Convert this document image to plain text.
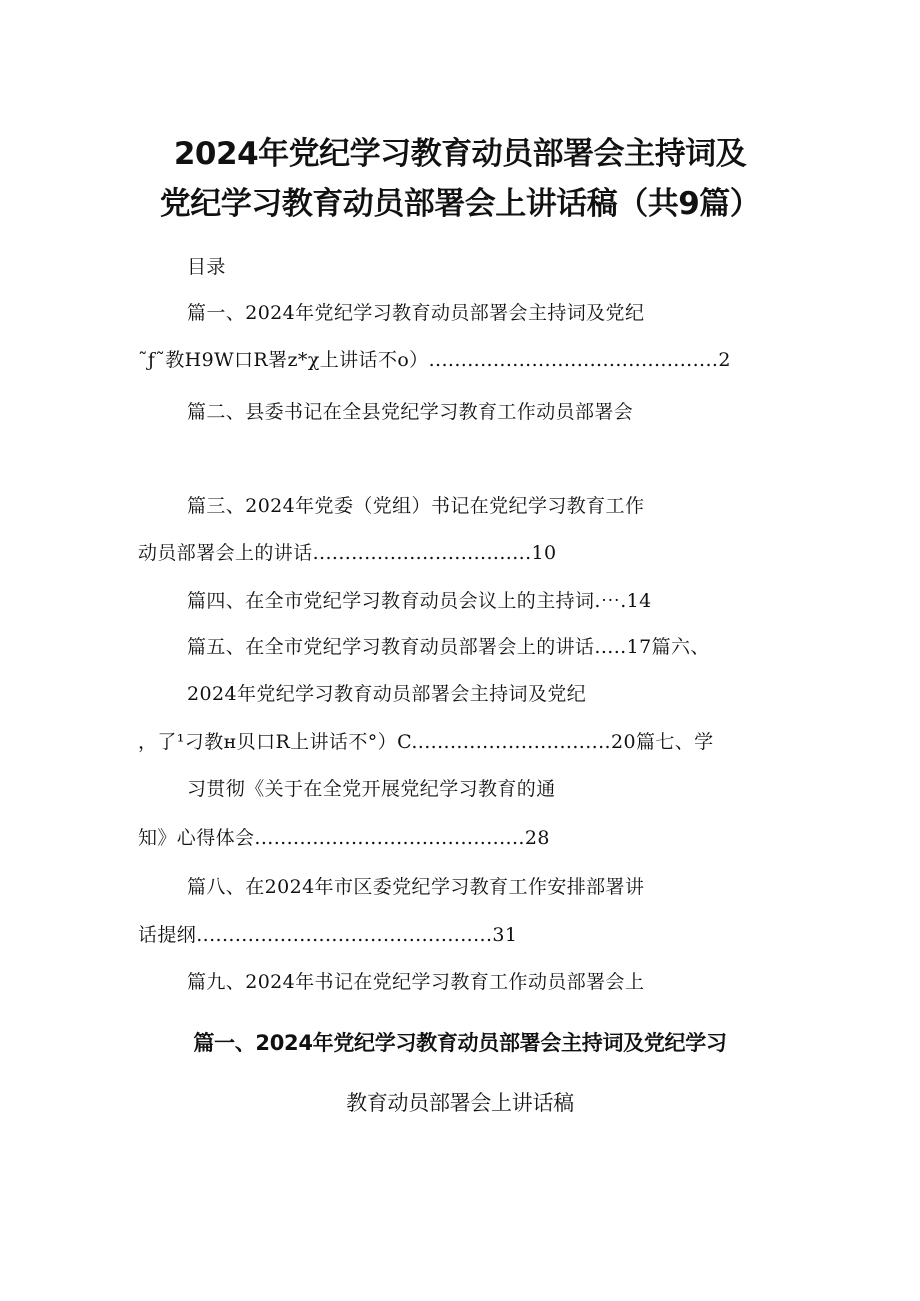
2024年党纪学习教育动员部署会主持词及
党纪学习教育动员部署会上讲话稿（共9篇）
目录
篇一、2024年党纪学习教育动员部署会主持词及党纪
˜ƒ˜教H9W口R署z*χ上讲话不o）.............................................2
篇二、县委书记在全县党纪学习教育工作动员部署会
篇三、2024年党委（党组）书记在党纪学习教育工作
动员部署会上的讲话..................................10
篇四、在全市党纪学习教育动员会议上的主持词.⋯.14
篇五、在全市党纪学习教育动员部署会上的讲话.....17篇六、
2024年党纪学习教育动员部署会主持词及党纪
，了¹刁教ʜ贝口R上讲话不°）C...............................20篇七、学
习贯彻《关于在全党开展党纪学习教育的通
知》心得体会..........................................28
篇八、在2024年市区委党纪学习教育工作安排部署讲
话提纲..............................................31
篇九、2024年书记在党纪学习教育工作动员部署会上
篇一、2024年党纪学习教育动员部署会主持词及党纪学习
教育动员部署会上讲话稿
